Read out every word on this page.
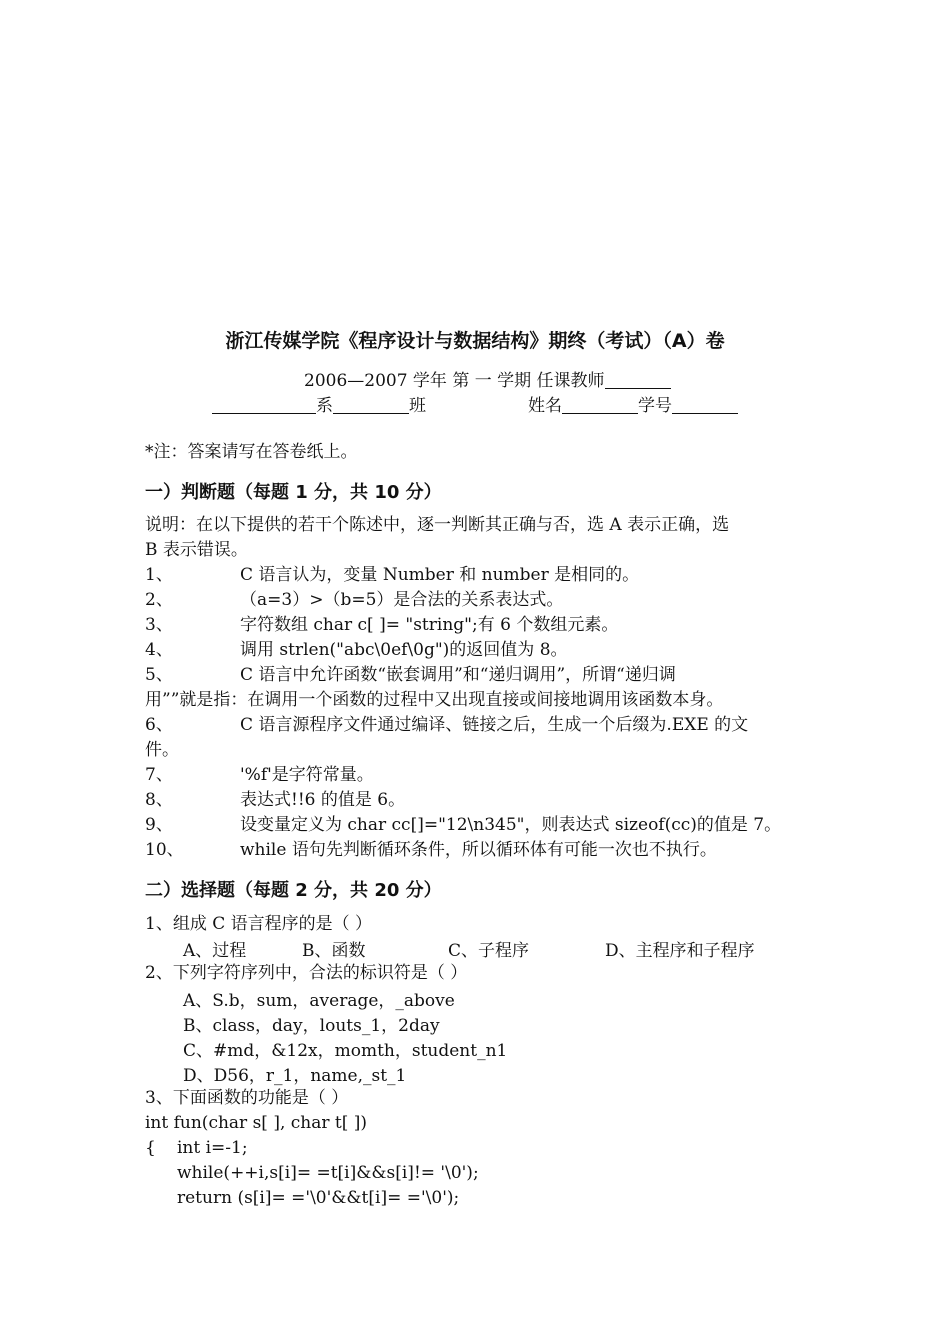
浙江传媒学院《程序设计与数据结构》期终（考试）（A）卷
2006—2007 学年 第 一 学期 任课教师
系	班	姓名	学号
*注：答案请写在答卷纸上。
一）判断题（每题 1 分，共 10 分）
说明：在以下提供的若干个陈述中，逐一判断其正确与否，选 A 表示正确，选
B 表示错误。
1、	C 语言认为，变量 Number 和 number 是相同的。
2、	（a=3）>（b=5）是合法的关系表达式。
3、	字符数组 char c[ ]= "string";有 6 个数组元素。
4、	调用 strlen("abc\0ef\0g")的返回值为 8。
5、	C 语言中允许函数“嵌套调用”和“递归调用”，所谓“递归调
用””就是指：在调用一个函数的过程中又出现直接或间接地调用该函数本身。
6、	C 语言源程序文件通过编译、链接之后，生成一个后缀为.EXE 的文
件。
7、	'%f'是字符常量。
8、	表达式!!6 的值是 6。
9、	设变量定义为 char cc[]="12\n345"，则表达式 sizeof(cc)的值是 7。
10、	while 语句先判断循环条件，所以循环体有可能一次也不执行。
二）选择题（每题 2 分，共 20 分）
1、组成 C 语言程序的是（ ）
A、过程	B、函数	C、子程序	D、主程序和子程序
2、下列字符序列中，合法的标识符是（ ）
A、S.b，sum，average，_above
B、class，day，louts_1，2day
C、#md，&12x，momth，student_n1
D、D56，r_1，name,_st_1
3、下面函数的功能是（ ）
int fun(char s[ ], char t[ ])
{ int i=-1;
while(++i,s[i]= =t[i]&&s[i]!= '\0');
return (s[i]= ='\0'&&t[i]= ='\0');
